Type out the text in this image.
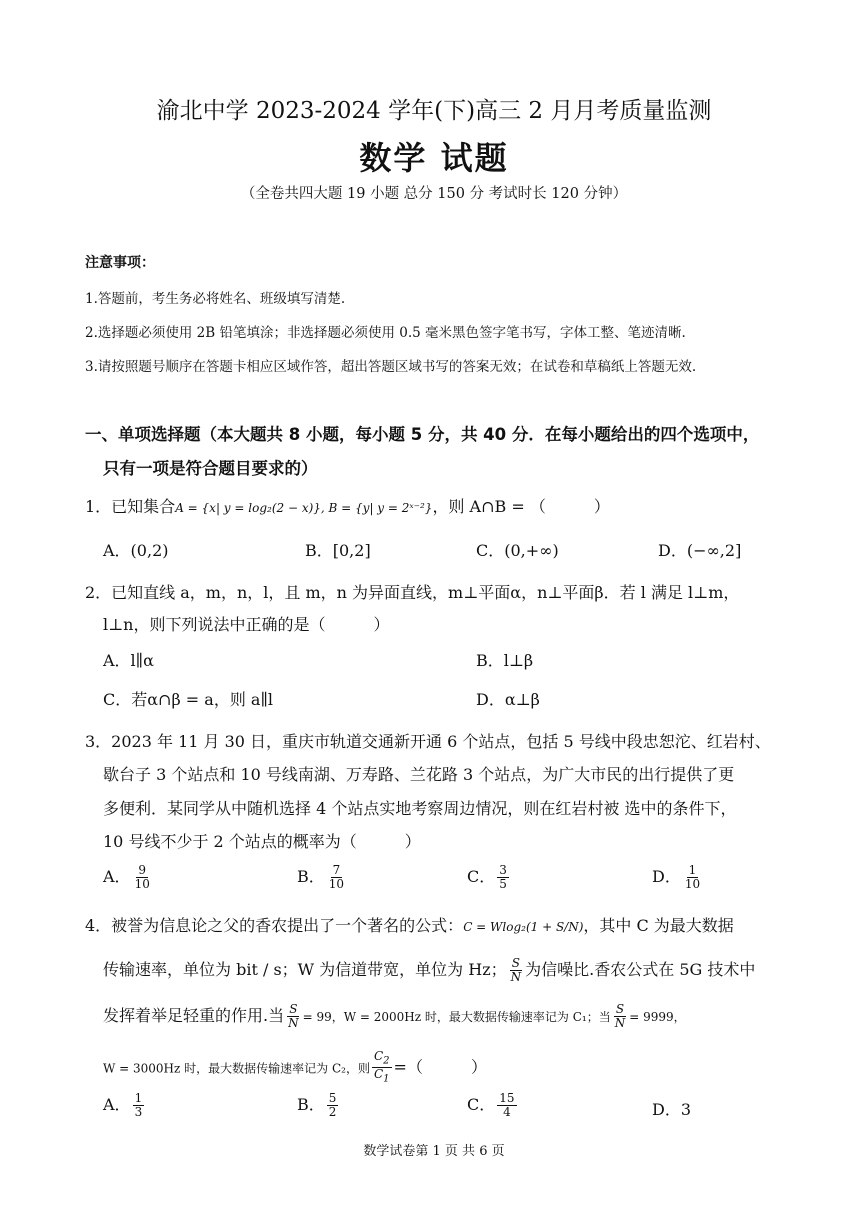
渝北中学 2023-2024 学年(下)高三 2 月月考质量监测
数学 试题
（全卷共四大题 19 小题 总分 150 分 考试时长 120 分钟）
注意事项：
1.答题前，考生务必将姓名、班级填写清楚.
2.选择题必须使用 2B 铅笔填涂；非选择题必须使用 0.5 毫米黑色签字笔书写，字体工整、笔迹清晰.
3.请按照题号顺序在答题卡相应区域作答，超出答题区域书写的答案无效；在试卷和草稿纸上答题无效.
一、单项选择题（本大题共 8 小题，每小题 5 分，共 40 分．在每小题给出的四个选项中，
只有一项是符合题目要求的）
1．已知集合A = {x| y = log₂(2 − x)}, B = {y| y = 2ˣ⁻²}，则 A∩B = （　　　）
A．(0,2)	B．[0,2]	C．(0,+∞)	D．(−∞,2]
2．已知直线 a，m，n，l，且 m，n 为异面直线，m⊥平面α，n⊥平面β．若 l 满足 l⊥m，
l⊥n，则下列说法中正确的是（　　　）
A．l∥α	B．l⊥β
C．若α∩β = a，则 a∥l	D．α⊥β
3．2023 年 11 月 30 日，重庆市轨道交通新开通 6 个站点，包括 5 号线中段忠恕沱、红岩村、
歇台子 3 个站点和 10 号线南湖、万寿路、兰花路 3 个站点，为广大市民的出行提供了更
多便利．某同学从中随机选择 4 个站点实地考察周边情况，则在红岩村被 选中的条件下，
10 号线不少于 2 个站点的概率为（　　　）
A． $\frac{9}{10}$	B． $\frac{7}{10}$	C． $\frac{3}{5}$	D． $\frac{1}{10}$
4．被誉为信息论之父的香农提出了一个著名的公式：C = Wlog₂(1 + S/N)，其中 C 为最大数据
传输速率，单位为 bit / s；W 为信道带宽，单位为 Hz； $\frac{S}{N}$ 为信噪比.香农公式在 5G 技术中
发挥着举足轻重的作用.当 $\frac{S}{N} = 99$，W = 2000Hz 时，最大数据传输速率记为 C₁；当 $\frac{S}{N} = 9999$，
W = 3000Hz 时，最大数据传输速率记为 C₂，则 $\frac{C_2}{C_1}$ =（　　　）
A． $\frac{1}{3}$	B． $\frac{5}{2}$	C． $\frac{15}{4}$	D．3
数学试卷第 1 页 共 6 页
